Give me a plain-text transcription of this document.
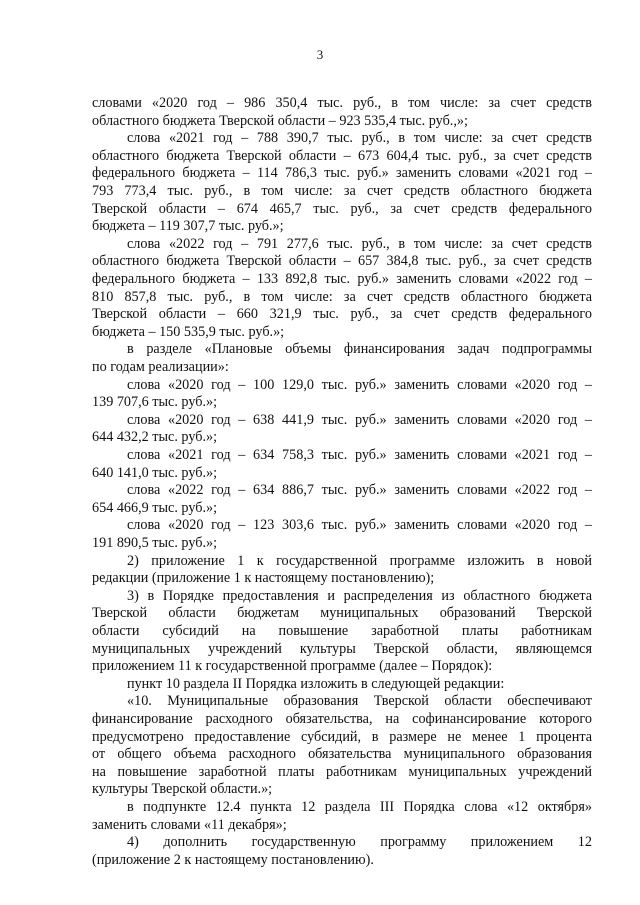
3
словами «2020 год – 986 350,4 тыс. руб., в том числе: за счет средств
областного бюджета Тверской области – 923 535,4 тыс. руб.,»;
слова «2021 год – 788 390,7 тыс. руб., в том числе: за счет средств
областного бюджета Тверской области – 673 604,4 тыс. руб., за счет средств
федерального бюджета – 114 786,3 тыс. руб.» заменить словами «2021 год –
793 773,4 тыс. руб., в том числе: за счет средств областного бюджета
Тверской области – 674 465,7 тыс. руб., за счет средств федерального
бюджета – 119 307,7 тыс. руб.»;
слова «2022 год – 791 277,6 тыс. руб., в том числе: за счет средств
областного бюджета Тверской области – 657 384,8 тыс. руб., за счет средств
федерального бюджета – 133 892,8 тыс. руб.» заменить словами «2022 год –
810 857,8 тыс. руб., в том числе: за счет средств областного бюджета
Тверской области – 660 321,9 тыс. руб., за счет средств федерального
бюджета – 150 535,9 тыс. руб.»;
в разделе «Плановые объемы финансирования задач подпрограммы
по годам реализации»:
слова «2020 год – 100 129,0 тыс. руб.» заменить словами «2020 год –
139 707,6 тыс. руб.»;
слова «2020 год – 638 441,9 тыс. руб.» заменить словами «2020 год –
644 432,2 тыс. руб.»;
слова «2021 год – 634 758,3 тыс. руб.» заменить словами «2021 год –
640 141,0 тыс. руб.»;
слова «2022 год – 634 886,7 тыс. руб.» заменить словами «2022 год –
654 466,9 тыс. руб.»;
слова «2020 год – 123 303,6 тыс. руб.» заменить словами «2020 год –
191 890,5 тыс. руб.»;
2) приложение 1 к государственной программе изложить в новой
редакции (приложение 1 к настоящему постановлению);
3) в Порядке предоставления и распределения из областного бюджета
Тверской области бюджетам муниципальных образований Тверской
области субсидий на повышение заработной платы работникам
муниципальных учреждений культуры Тверской области, являющемся
приложением 11 к государственной программе (далее – Порядок):
пункт 10 раздела II Порядка изложить в следующей редакции:
«10. Муниципальные образования Тверской области обеспечивают
финансирование расходного обязательства, на софинансирование которого
предусмотрено предоставление субсидий, в размере не менее 1 процента
от общего объема расходного обязательства муниципального образования
на повышение заработной платы работникам муниципальных учреждений
культуры Тверской области.»;
в подпункте 12.4 пункта 12 раздела III Порядка слова «12 октября»
заменить словами «11 декабря»;
4) дополнить государственную программу приложением 12
(приложение 2 к настоящему постановлению).
